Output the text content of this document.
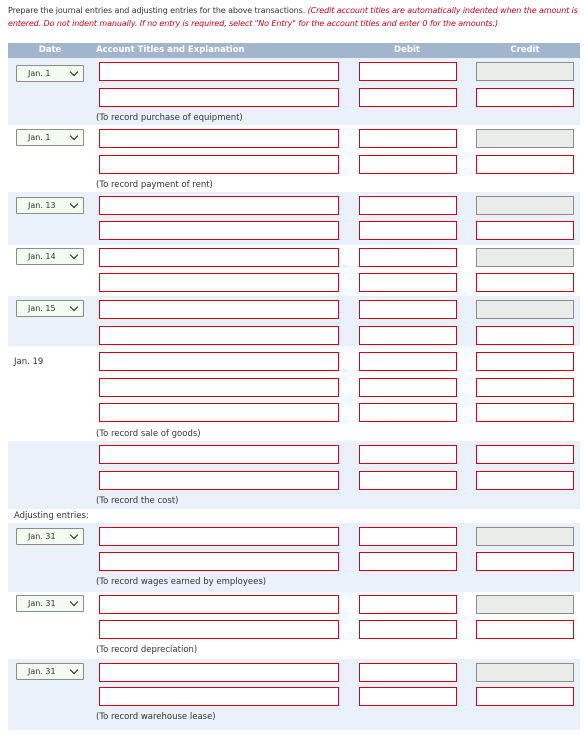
Prepare the journal entries and adjusting entries for the above transactions. (Credit account titles are automatically indented when the amount is entered. Do not indent manually. If no entry is required, select "No Entry" for the account titles and enter 0 for the amounts.)
Date	Account Titles and Explanation	Debit	Credit
Jan. 1
(To record purchase of equipment)
Jan. 1
(To record payment of rent)
Jan. 13
Jan. 14
Jan. 15
Jan. 19
(To record sale of goods)
(To record the cost)
Adjusting entries:
Jan. 31
(To record wages earned by employees)
Jan. 31
(To record depreciation)
Jan. 31
(To record warehouse lease)
